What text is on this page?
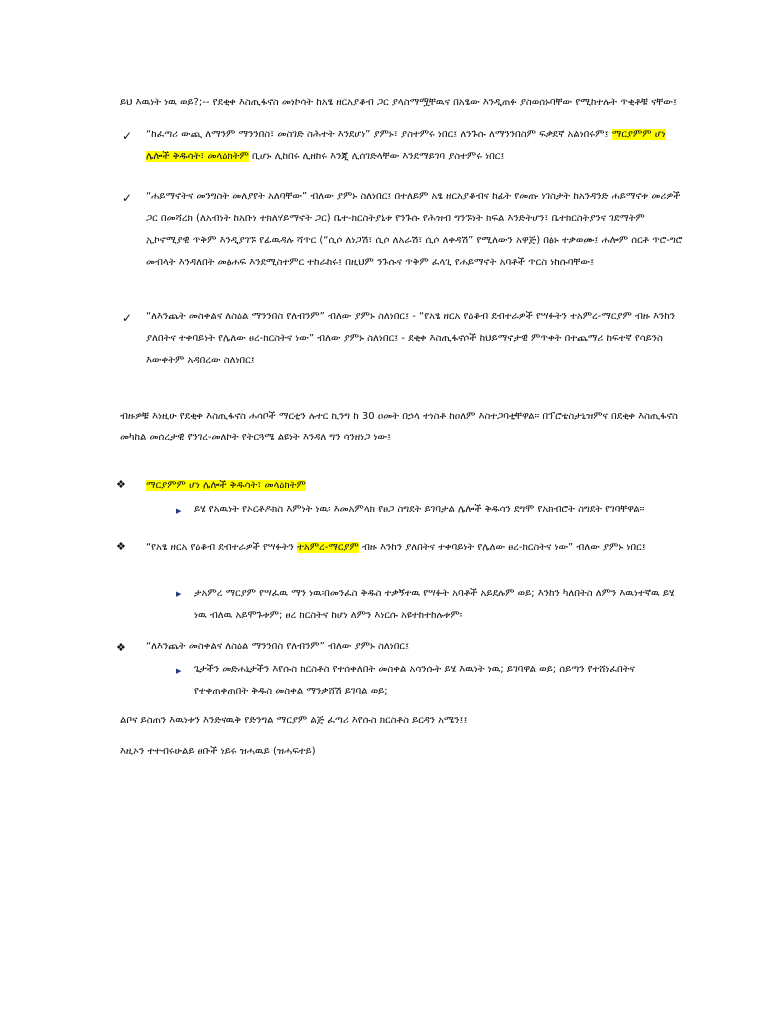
ይህ እዉነት ነዉ ወይ?;-- የደቂቀ እስጢፋኖስ መነኮሳት ከአፄ ዘርአያቆብ ጋር ያላስማሟቸዉና በአፄው እንዲጠፉ ያስወሰኑባቸው የሚከተሉት ጥቂቶቹ ናቸው፤
✓ “ከፈጣሪ ውጪ ለማንም ማንንበስ፣ መስገድ ስሕተት እንደሆነ” ያምኑ፣ ያስተምሩ ነበር፤ ለንጉሱ ለማንንበስም ፍቃደኛ አልነበሩም፤ ማርያምም ሆነ ሌሎች ቅዱሳት፣ መላዕክትም ቢሆኑ ሊከበሩ ሊዘከሩ እንጂ ሊሰገድላቸው እንደማይገባ ያስተምሩ ነበር፤
✓ “ሐይማኖትና መንግስት መለያየት አለባቸው” ብለው ያምኑ ስለነበር፤ በተለይም አፄ ዘርአያቆብና ከፊት የመጡ ነገስታት ከአንዳንድ ሐይማኖቱ መሪዎች ጋር በመሻረክ (ለአብነት ከአቡነ ተክለሃይማኖት ጋር) ቤተ-ክርስትያኒቱ የንጉሱ የሕዝብ ግንኙነት ክፍል እንድትሆን፣ ቤተክርስትያንና ገደማትም ኢኮኖሚያዊ ጥቅም እንዲያገኙ የፊዉዳሉ ሻጥር (“ሲሶ ለነጋሽ፣ ሲሶ ለአራሽ፣ ሲሶ ለቀዳሽ” የሚለውን አዋጅ) በፅኑ ተቃወሙ፤ ሐሎም ሰርቶ ጥሮ-ግሮ መብላት እንዳለበት መፅሐፍ እንደሚስተምር ተከራከሩ፤ በዚህም ንጉሱና ጥቅም ፈላጊ የሐይማኖት አባቶች ጥርስ ነከሱባቸው፤
✓ “ለእንጨት መስቀልና ለስዕል ማንንበስ የለብንም” ብለው ያምኑ ስለነበር፤ - “የአፄ ዘርአ የዕቆብ ደብተራዎች የሣፉትን ተአምረ-ማርያም ብዙ እንከን ያለበትና ተቀባይነት የሌለው ፀረ-ክርስትና ነው” ብለው ያምኑ ስለነበር፤ - ደቂቀ እስጢፋኖሶች ከህይማኖታዊ ምጥቀት በተጨማሪ ከፍተኛ የሳይንስ እውቀትም አዳበረው ስለነበር፤
ብዙዎቹ እነዚሁ የደቂቀ እስጢፋኖስ ሐሳቦች ማርቲን ሉተር ኪንግ ከ 30 ዐመት በኃላ ተነስቶ ከዐለም እስተጋባቲቸዋል። በፕሮቴስታኒዝምና በደቂቀ እስጢፋኖስ መካከል መሰረታዊ የንገረ-መለኮት የትርጓሜ ልዩነት እንዳለ ግን ሳንዘነጋ ነው፤
❖ ማርያምም ሆነ ሌሎች ቅዱሳት፣ መላዕክትም
▶ ይሄ የአዉነት የኦርቶዶክስ እምነት ነዉ፡ እመአምላክ የፀጋ ስግደት ይገባታል ሌሎች ቅዱሳን ደግሞ የአክብሮት ስግደት የገባቸዋል።
❖ “የአፄ ዘርአ የዕቆብ ደብተራዎች የሣፉትን ተአምረ-ማርያም ብዙ እንከን ያለበትና ተቀባይነት የሌለው ፀረ-ክርስትና ነው” ብለው ያምኑ ነበር፤
▶ ታአምረ ማርያም የሣፈዉ ማን ነዉ፡በመንፈስ ቅዱስ ተቃኝተዉ የሣፉት አባቶች አይደሉም ወይ; እንከን ካለበትስ ለምን እዉነተኛዉ ይሄ ነዉ ብለዉ አይሞጉቱም; ፀረ ክርስትና ከሆነ ለምን እነርሱ አዩተከተከሉቱም፡
❖ “ለእንጨት መስቀልና ለስዕል ማንንበስ የለብንም” ብለው ያምኑ ስለነበር፤
▶ ጌታችን መድሐኒታችን እየሱስ ክርስቶስ የተሰቀለበት መስቀል አሳንሱት ይሄ እዉነት ነዉ; ይገባዋል ወይ; ሰይጣን የተሸነፈበትና የተቀጠቀጠበት ቅዱስ መስቀል ማንቃሸሽ ይገባል ወይ;
ልቦና ይስጠን እዉነቱን እንድናዉቅ የድንግል ማርያም ልጅ ፈጣሪ እየሱስ ክርስቶስ ይርዳን አሜን፤፤
እዚኦን ተተብሩሁልይ ፀቡች ነይሩ ዝሓዉይ (ዝሓፍተይ)
